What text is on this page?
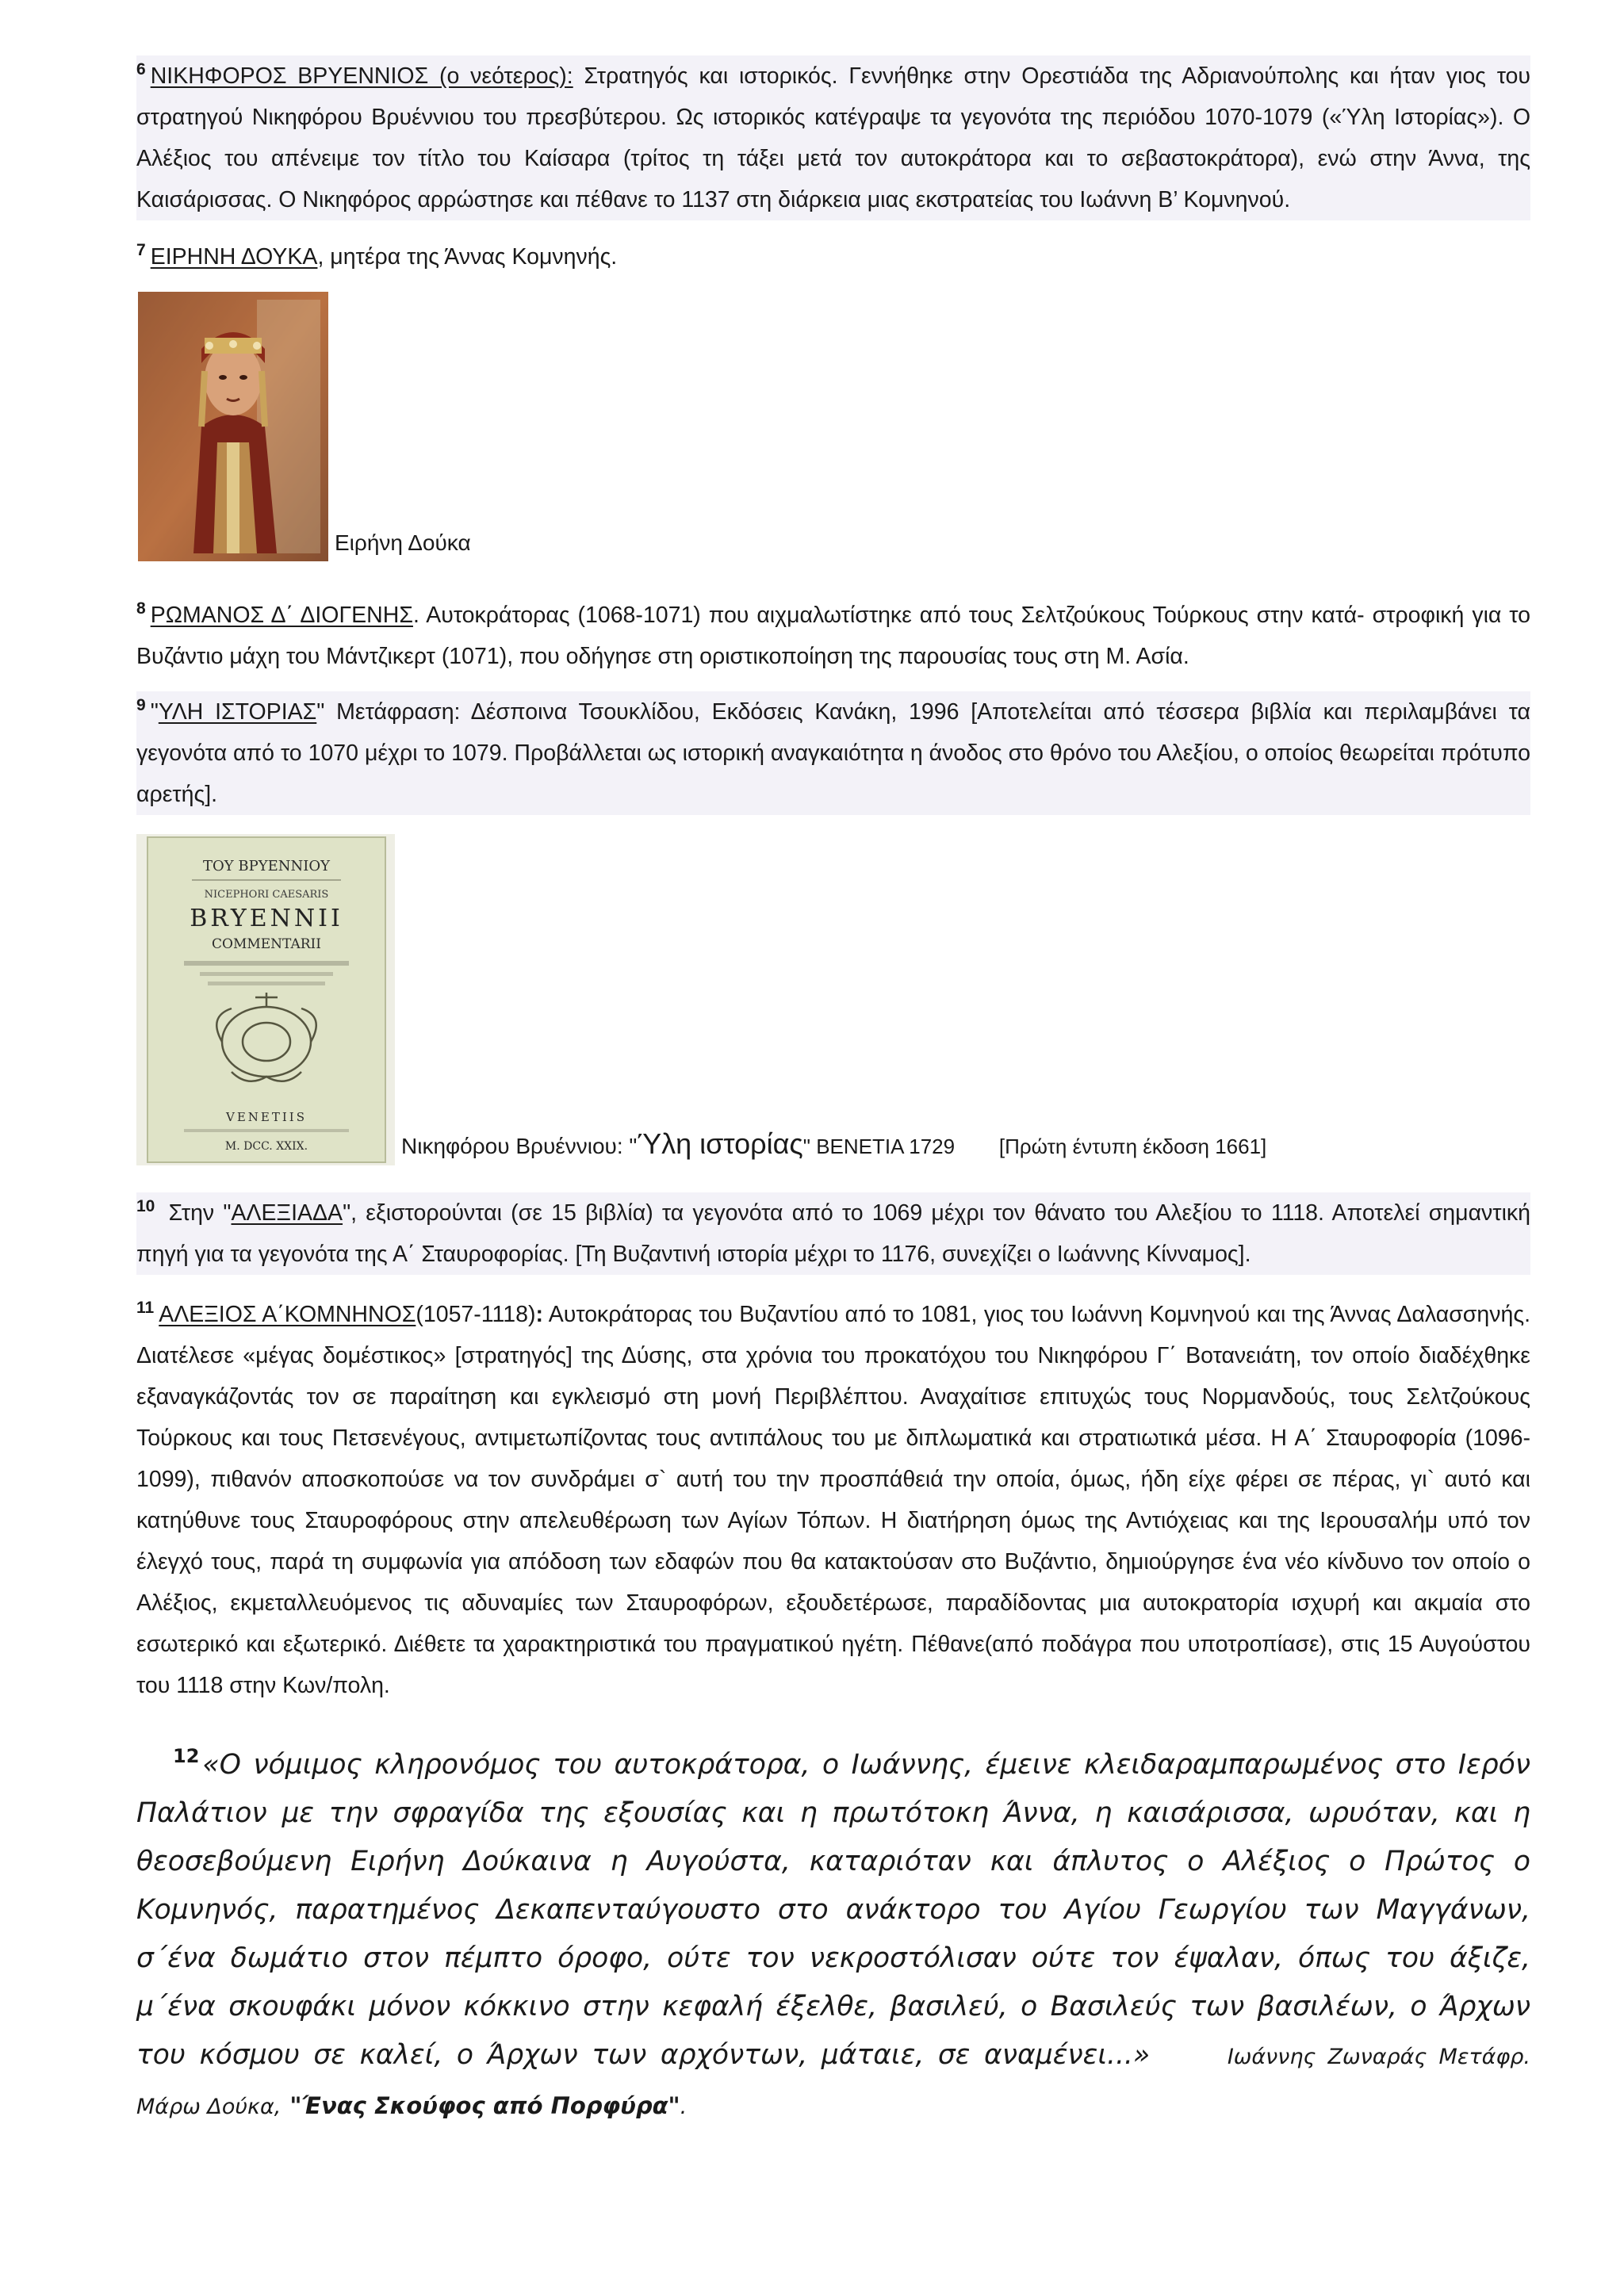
$^6$ ΝΙΚΗΦΟΡΟΣ ΒΡΥΕΝΝΙΟΣ (ο νεότερος): Στρατηγός και ιστορικός. Γεννήθηκε στην Ορεστιάδα της Αδριανούπολης και ήταν γιος του στρατηγού Νικηφόρου Βρυέννιου του πρεσβύτερου. Ως ιστορικός κατέγραψε τα γεγονότα της περιόδου 1070-1079 («Ύλη Ιστορίας»). Ο Αλέξιος του απένειμε τον τίτλο του Καίσαρα (τρίτος τη τάξει μετά τον αυτοκράτορα και το σεβαστοκράτορα), ενώ στην Άννα, της Καισάρισσας. Ο Νικηφόρος αρρώστησε και πέθανε το 1137 στη διάρκεια μιας εκστρατείας του Ιωάννη Β’ Κομνηνού.

$^7$ ΕΙΡΗΝΗ ΔΟΥΚΑ, μητέρα της Άννας Κομνηνής.

Ειρήνη Δούκα

$^8$ ΡΩΜΑΝΟΣ Δ΄ ΔΙΟΓΕΝΗΣ. Αυτοκράτορας (1068-1071) που αιχμαλωτίστηκε από τους Σελτζούκους Τούρκους στην κατά- στροφική για το Βυζάντιο μάχη του Μάντζικερτ (1071), που οδήγησε στη οριστικοποίηση της παρουσίας τους στη Μ. Ασία.

$^9$ "ΥΛΗ ΙΣΤΟΡΙΑΣ" Μετάφραση: Δέσποινα Τσουκλίδου, Εκδόσεις Κανάκη, 1996 [Αποτελείται από τέσσερα βιβλία και περιλαμβάνει τα γεγονότα από το 1070 μέχρι το 1079. Προβάλλεται ως ιστορική αναγκαιότητα η άνοδος στο θρόνο του Αλεξίου, ο οποίος θεωρείται πρότυπο αρετής].

ΤΟΥ ΒΡΥΕΝΝΙΟΥ
NICEPHORI CAESARIS
BRYENNII
COMMENTARII
VENETIIS
M. DCC. XXIX.	Νικηφόρου Βρυέννιου: "Ύλη ιστορίας" ΒΕΝΕΤΙΑ 1729 [Πρώτη έντυπη έκδοση 1661]

$^{10}$ Στην "ΑΛΕΞΙΑΔΑ", εξιστορούνται (σε 15 βιβλία) τα γεγονότα από το 1069 μέχρι τον θάνατο του Αλεξίου το 1118. Αποτελεί σημαντική πηγή για τα γεγονότα της Α΄ Σταυροφορίας. [Τη Βυζαντινή ιστορία μέχρι το 1176, συνεχίζει ο Ιωάννης Κίνναμος].

$^{11}$ ΑΛΕΞΙΟΣ Α΄ΚΟΜΝΗΝΟΣ(1057-1118): Αυτοκράτορας του Βυζαντίου από το 1081, γιος του Ιωάννη Κομνηνού και της Άννας Δαλασσηνής. Διατέλεσε «μέγας δομέστικος» [στρατηγός] της Δύσης, στα χρόνια του προκατόχου του Νικηφόρου Γ΄ Βοτανειάτη, τον οποίο διαδέχθηκε εξαναγκάζοντάς τον σε παραίτηση και εγκλεισμό στη μονή Περιβλέπτου. Αναχαίτισε επιτυχώς τους Νορμανδούς, τους Σελτζούκους Τούρκους και τους Πετσενέγους, αντιμετωπίζοντας τους αντιπάλους του με διπλωματικά και στρατιωτικά μέσα. Η Α΄ Σταυροφορία (1096-1099), πιθανόν αποσκοπούσε να τον συνδράμει σ` αυτή του την προσπάθειά την οποία, όμως, ήδη είχε φέρει σε πέρας, γι` αυτό και κατηύθυνε τους Σταυροφόρους στην απελευθέρωση των Αγίων Τόπων. Η διατήρηση όμως της Αντιόχειας και της Ιερουσαλήμ υπό τον έλεγχό τους, παρά τη συμφωνία για απόδοση των εδαφών που θα κατακτούσαν στο Βυζάντιο, δημιούργησε ένα νέο κίνδυνο τον οποίο ο Αλέξιος, εκμεταλλευόμενος τις αδυναμίες των Σταυροφόρων, εξουδετέρωσε, παραδίδοντας μια αυτοκρατορία ισχυρή και ακμαία στο εσωτερικό και εξωτερικό. Διέθετε τα χαρακτηριστικά του πραγματικού ηγέτη. Πέθανε(από ποδάγρα που υποτροπίασε), στις 15 Αυγούστου του 1118 στην Κων/πολη.

$^{12}$ «Ο νόμιμος κληρονόμος του αυτοκράτορα, ο Ιωάννης, έμεινε κλειδαραμπαρωμένος στο Ιερόν Παλάτιον με την σφραγίδα της εξουσίας και η πρωτότοκη Άννα, η καισάρισσα, ωρυόταν, και η θεοσεβούμενη Ειρήνη Δούκαινα η Αυγούστα, καταριόταν και άπλυτος ο Αλέξιος ο Πρώτος ο Κομνηνός, παρατημένος Δεκαπενταύγουστο στο ανάκτορο του Αγίου Γεωργίου των Μαγγάνων, σ΄ένα δωμάτιο στον πέμπτο όροφο, ούτε τον νεκροστόλισαν ούτε τον έψαλαν, όπως του άξιζε, μ΄ένα σκουφάκι μόνον κόκκινο στην κεφαλή έξελθε, βασιλεύ, ο Βασιλεύς των βασιλέων, ο Άρχων του κόσμου σε καλεί, ο Άρχων των αρχόντων, μάταιε, σε αναμένει...»	Ιωάννης Ζωναράς Μετάφρ. Μάρω Δούκα, "Ένας Σκούφος από Πορφύρα".
